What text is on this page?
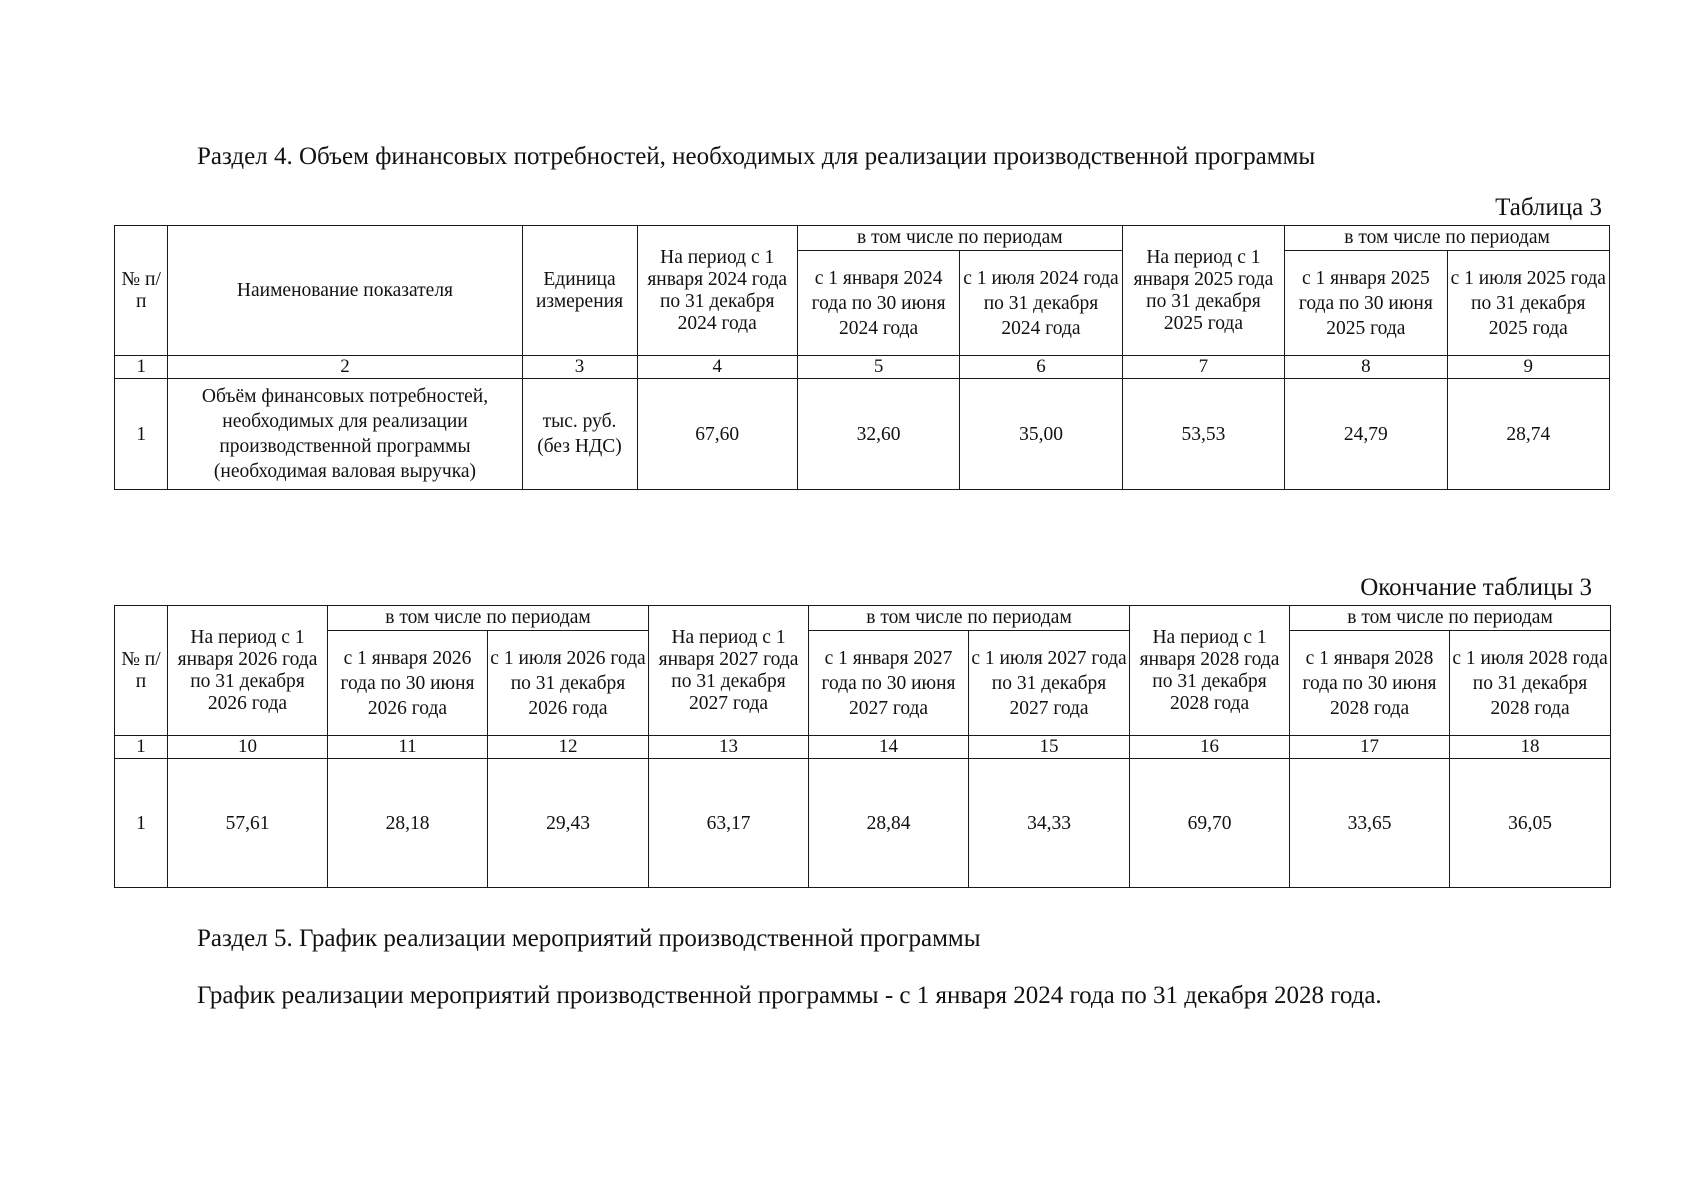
Раздел 4. Объем финансовых потребностей, необходимых для реализации производственной программы
Таблица 3
№ п/п	Наименование показателя	Единица измерения	На период с 1 января 2024 года по 31 декабря 2024 года	в том числе по периодам		На период с 1 января 2025 года по 31 декабря 2025 года	в том числе по периодам	
				с 1 января 2024 года по 30 июня 2024 года	с 1 июля 2024 года по 31 декабря 2024 года		с 1 января 2025 года по 30 июня 2025 года	с 1 июля 2025 года по 31 декабря 2025 года
1	2	3	4	5	6	7	8	9
1	Объём финансовых потребностей, необходимых для реализации производственной программы (необходимая валовая выручка)	тыс. руб. (без НДС)	67,60	32,60	35,00	53,53	24,79	28,74
Окончание таблицы 3
№ п/п	На период с 1 января 2026 года по 31 декабря 2026 года	в том числе по периодам		На период с 1 января 2027 года по 31 декабря 2027 года	в том числе по периодам		На период с 1 января 2028 года по 31 декабря 2028 года	в том числе по периодам	
		с 1 января 2026 года по 30 июня 2026 года	с 1 июля 2026 года по 31 декабря 2026 года		с 1 января 2027 года по 30 июня 2027 года	с 1 июля 2027 года по 31 декабря 2027 года		с 1 января 2028 года по 30 июня 2028 года	с 1 июля 2028 года по 31 декабря 2028 года
1	10	11	12	13	14	15	16	17	18
1	57,61	28,18	29,43	63,17	28,84	34,33	69,70	33,65	36,05
Раздел 5. График реализации мероприятий производственной программы
График реализации мероприятий производственной программы - с 1 января 2024 года по 31 декабря 2028 года.
